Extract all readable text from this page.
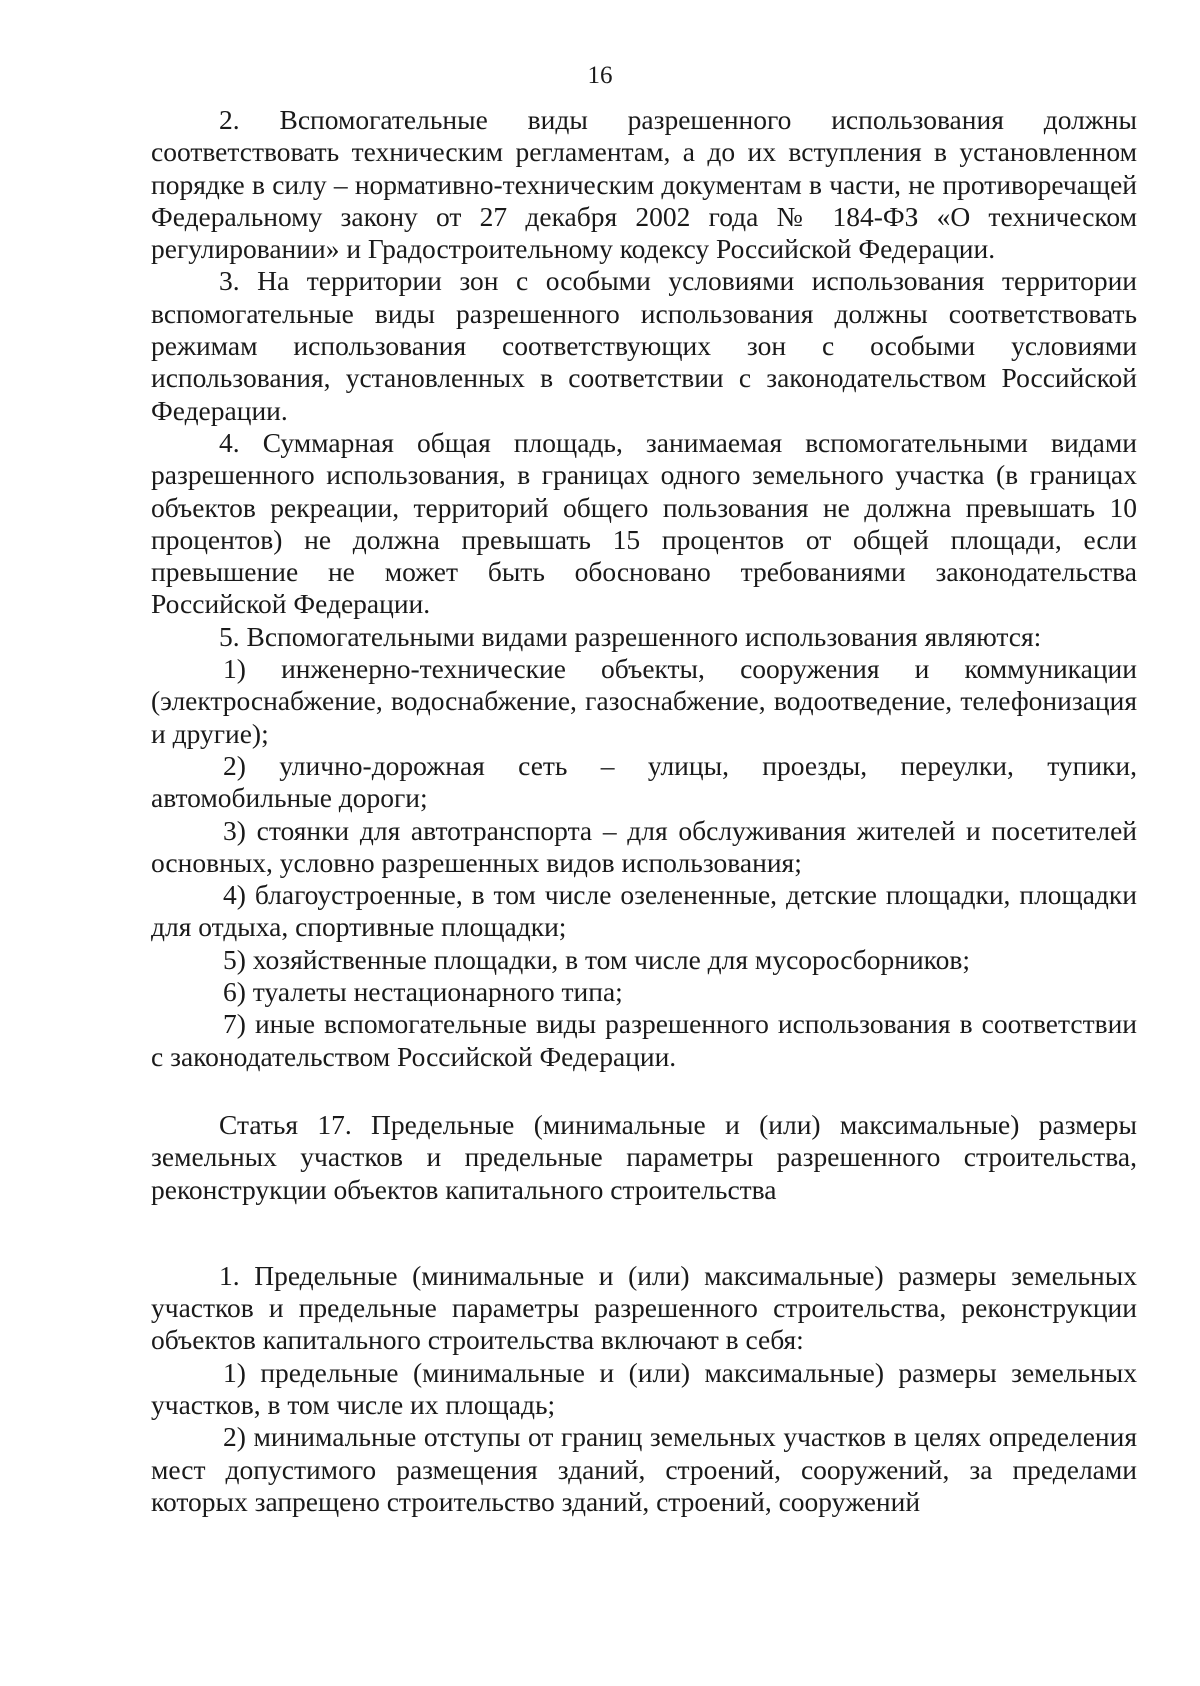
16

2. Вспомогательные виды разрешенного использования должны соответствовать техническим регламентам, а до их вступления в установленном порядке в силу – нормативно-техническим документам в части, не противоречащей Федеральному закону от 27 декабря 2002 года № 184-ФЗ «О техническом регулировании» и Градостроительному кодексу Российской Федерации.

3. На территории зон с особыми условиями использования территории вспомогательные виды разрешенного использования должны соответствовать режимам использования соответствующих зон с особыми условиями использования, установленных в соответствии с законодательством Российской Федерации.

4. Суммарная общая площадь, занимаемая вспомогательными видами разрешенного использования, в границах одного земельного участка (в границах объектов рекреации, территорий общего пользования не должна превышать 10 процентов) не должна превышать 15 процентов от общей площади, если превышение не может быть обосновано требованиями законодательства Российской Федерации.

5. Вспомогательными видами разрешенного использования являются:

1) инженерно-технические объекты, сооружения и коммуникации (электроснабжение, водоснабжение, газоснабжение, водоотведение, телефонизация и другие);

2) улично-дорожная сеть – улицы, проезды, переулки, тупики, автомобильные дороги;

3) стоянки для автотранспорта – для обслуживания жителей и посетителей основных, условно разрешенных видов использования;

4) благоустроенные, в том числе озелененные, детские площадки, площадки для отдыха, спортивные площадки;

5) хозяйственные площадки, в том числе для мусоросборников;

6) туалеты нестационарного типа;

7) иные вспомогательные виды разрешенного использования в соответствии с законодательством Российской Федерации.

Статья 17. Предельные (минимальные и (или) максимальные) размеры земельных участков и предельные параметры разрешенного строительства, реконструкции объектов капитального строительства

1. Предельные (минимальные и (или) максимальные) размеры земельных участков и предельные параметры разрешенного строительства, реконструкции объектов капитального строительства включают в себя:

1) предельные (минимальные и (или) максимальные) размеры земельных участков, в том числе их площадь;

2) минимальные отступы от границ земельных участков в целях определения мест допустимого размещения зданий, строений, сооружений, за пределами которых запрещено строительство зданий, строений, сооружений
